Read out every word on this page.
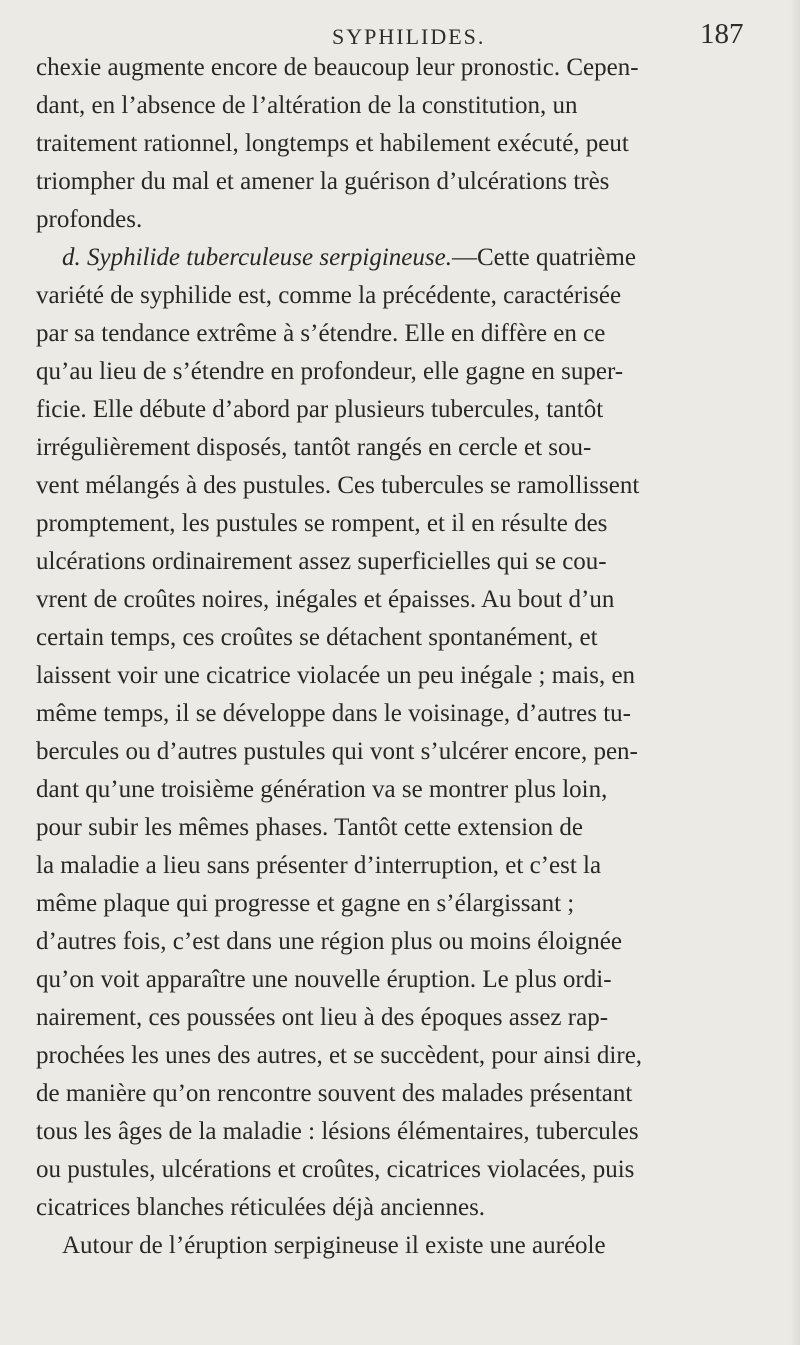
SYPHILIDES.	187
chexie augmente encore de beaucoup leur pronostic. Cepen-
dant, en l’absence de l’altération de la constitution, un
traitement rationnel, longtemps et habilement exécuté, peut
triompher du mal et amener la guérison d’ulcérations très
profondes.
d. Syphilide tuberculeuse serpigineuse.—Cette quatrième
variété de syphilide est, comme la précédente, caractérisée
par sa tendance extrême à s’étendre. Elle en diffère en ce
qu’au lieu de s’étendre en profondeur, elle gagne en super-
ficie. Elle débute d’abord par plusieurs tubercules, tantôt
irrégulièrement disposés, tantôt rangés en cercle et sou-
vent mélangés à des pustules. Ces tubercules se ramollissent
promptement, les pustules se rompent, et il en résulte des
ulcérations ordinairement assez superficielles qui se cou-
vrent de croûtes noires, inégales et épaisses. Au bout d’un
certain temps, ces croûtes se détachent spontanément, et
laissent voir une cicatrice violacée un peu inégale ; mais, en
même temps, il se développe dans le voisinage, d’autres tu-
bercules ou d’autres pustules qui vont s’ulcérer encore, pen-
dant qu’une troisième génération va se montrer plus loin,
pour subir les mêmes phases. Tantôt cette extension de
la maladie a lieu sans présenter d’interruption, et c’est la
même plaque qui progresse et gagne en s’élargissant ;
d’autres fois, c’est dans une région plus ou moins éloignée
qu’on voit apparaître une nouvelle éruption. Le plus ordi-
nairement, ces poussées ont lieu à des époques assez rap-
prochées les unes des autres, et se succèdent, pour ainsi dire,
de manière qu’on rencontre souvent des malades présentant
tous les âges de la maladie : lésions élémentaires, tubercules
ou pustules, ulcérations et croûtes, cicatrices violacées, puis
cicatrices blanches réticulées déjà anciennes.
Autour de l’éruption serpigineuse il existe une auréole
